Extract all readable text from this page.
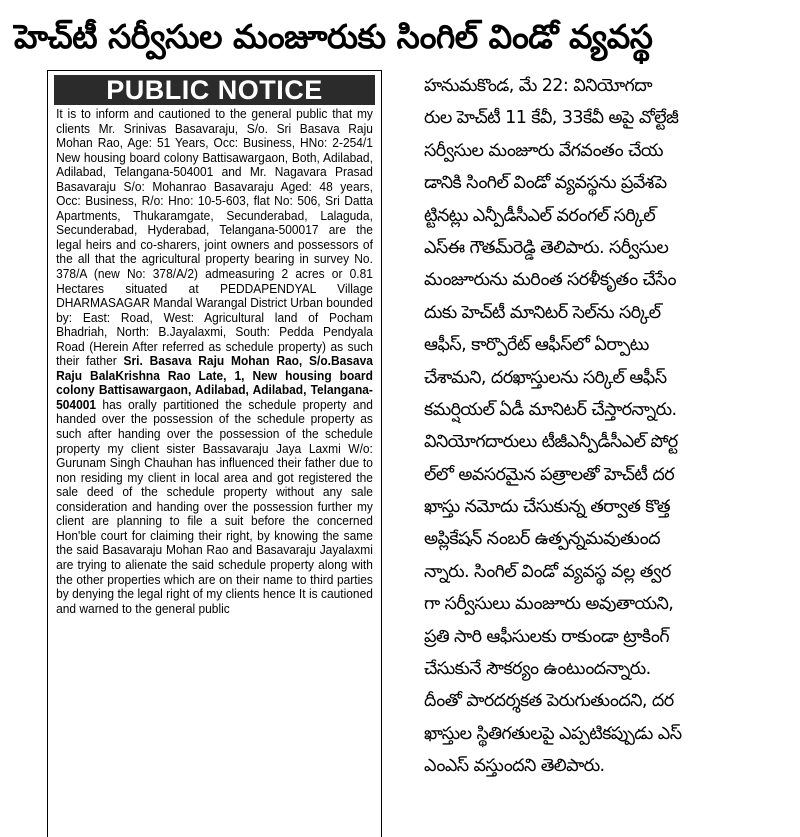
హెచ్‌టీ సర్వీసుల మంజూరుకు సింగిల్ విండో వ్యవస్థ
PUBLIC NOTICE
It is to inform and cautioned to the general public that my clients Mr. Srinivas Basavaraju, S/o. Sri Basava Raju Mohan Rao, Age: 51 Years, Occ: Business, HNo: 2-254/1 New housing board colony Battisawargaon, Both, Adilabad, Adilabad, Telangana-504001 and Mr. Nagavara Prasad Basavaraju S/o: Mohanrao Basavaraju Aged: 48 years, Occ: Business, R/o: Hno: 10-5-603, flat No: 506, Sri Datta Apartments, Thukaramgate, Secunderabad, Lalaguda, Secunderabad, Hyderabad, Telangana-500017 are the legal heirs and co-sharers, joint owners and possessors of the all that the agricultural property bearing in survey No. 378/A (new No: 378/A/2) admeasuring 2 acres or 0.81 Hectares situated at PEDDAPENDYAL Village DHARMASAGAR Mandal Warangal District Urban bounded by: East: Road, West: Agricultural land of Pocham Bhadriah, North: B.Jayalaxmi, South: Pedda Pendyala Road (Herein After referred as schedule property) as such their father Sri. Basava Raju Mohan Rao, S/o.Basava Raju BalaKrishna Rao Late, 1, New housing board colony Battisawargaon, Adilabad, Adilabad, Telangana-504001 has orally partitioned the schedule property and handed over the possession of the schedule property as such after handing over the possession of the schedule property my client sister Bassavaraju Jaya Laxmi W/o: Gurunam Singh Chauhan has influenced their father due to non residing my client in local area and got registered the sale deed of the schedule property without any sale consideration and handing over the possession further my client are planning to file a suit before the concerned Hon'ble court for claiming their right, by knowing the same the said Basavaraju Mohan Rao and Basavaraju Jayalaxmi are trying to alienate the said schedule property along with the other properties which are on their name to third parties by denying the legal right of my clients hence It is cautioned and warned to the general public
హనుమకొండ, మే 22: వినియోగదా
రుల హెచ్‌టీ 11 కేవీ, 33కేవీ అపై వోల్టేజీ
సర్వీసుల మంజూరు వేగవంతం చేయ
డానికి సింగిల్ విండో వ్యవస్థను ప్రవేశపె
ట్టినట్లు ఎన్పీడీసీఎల్ వరంగల్ సర్కిల్
ఎస్ఈ గౌతమ్‌రెడ్డి తెలిపారు. సర్వీసుల
మంజూరును మరింత సరళీకృతం చేసేం
దుకు హెచ్‌టీ మానిటర్ సెల్‌ను సర్కిల్
ఆఫీస్, కార్పొరేట్ ఆఫీస్‌లో ఏర్పాటు
చేశామని, దరఖాస్తులను సర్కిల్ ఆఫీస్
కమర్షియల్ ఏడీ మానిటర్ చేస్తారన్నారు.
వినియోగదారులు టీజీఎన్పీడీసీఎల్ పోర్ట
ల్‌లో అవసరమైన పత్రాలతో హెచ్‌టీ దర
ఖాస్తు నమోదు చేసుకున్న తర్వాత కొత్త
అప్లికేషన్ నంబర్ ఉత్పన్నమవుతుంద
న్నారు. సింగిల్ విండో వ్యవస్థ వల్ల త్వర
గా సర్వీసులు మంజూరు అవుతాయని,
ప్రతి సారి ఆఫీసులకు రాకుండా ట్రాకింగ్
చేసుకునే సౌకర్యం ఉంటుందన్నారు.
దీంతో పారదర్శకత పెరుగుతుందని, దర
ఖాస్తుల స్థితిగతులపై ఎప్పటికప్పుడు ఎస్
ఎంఎస్ వస్తుందని తెలిపారు.
